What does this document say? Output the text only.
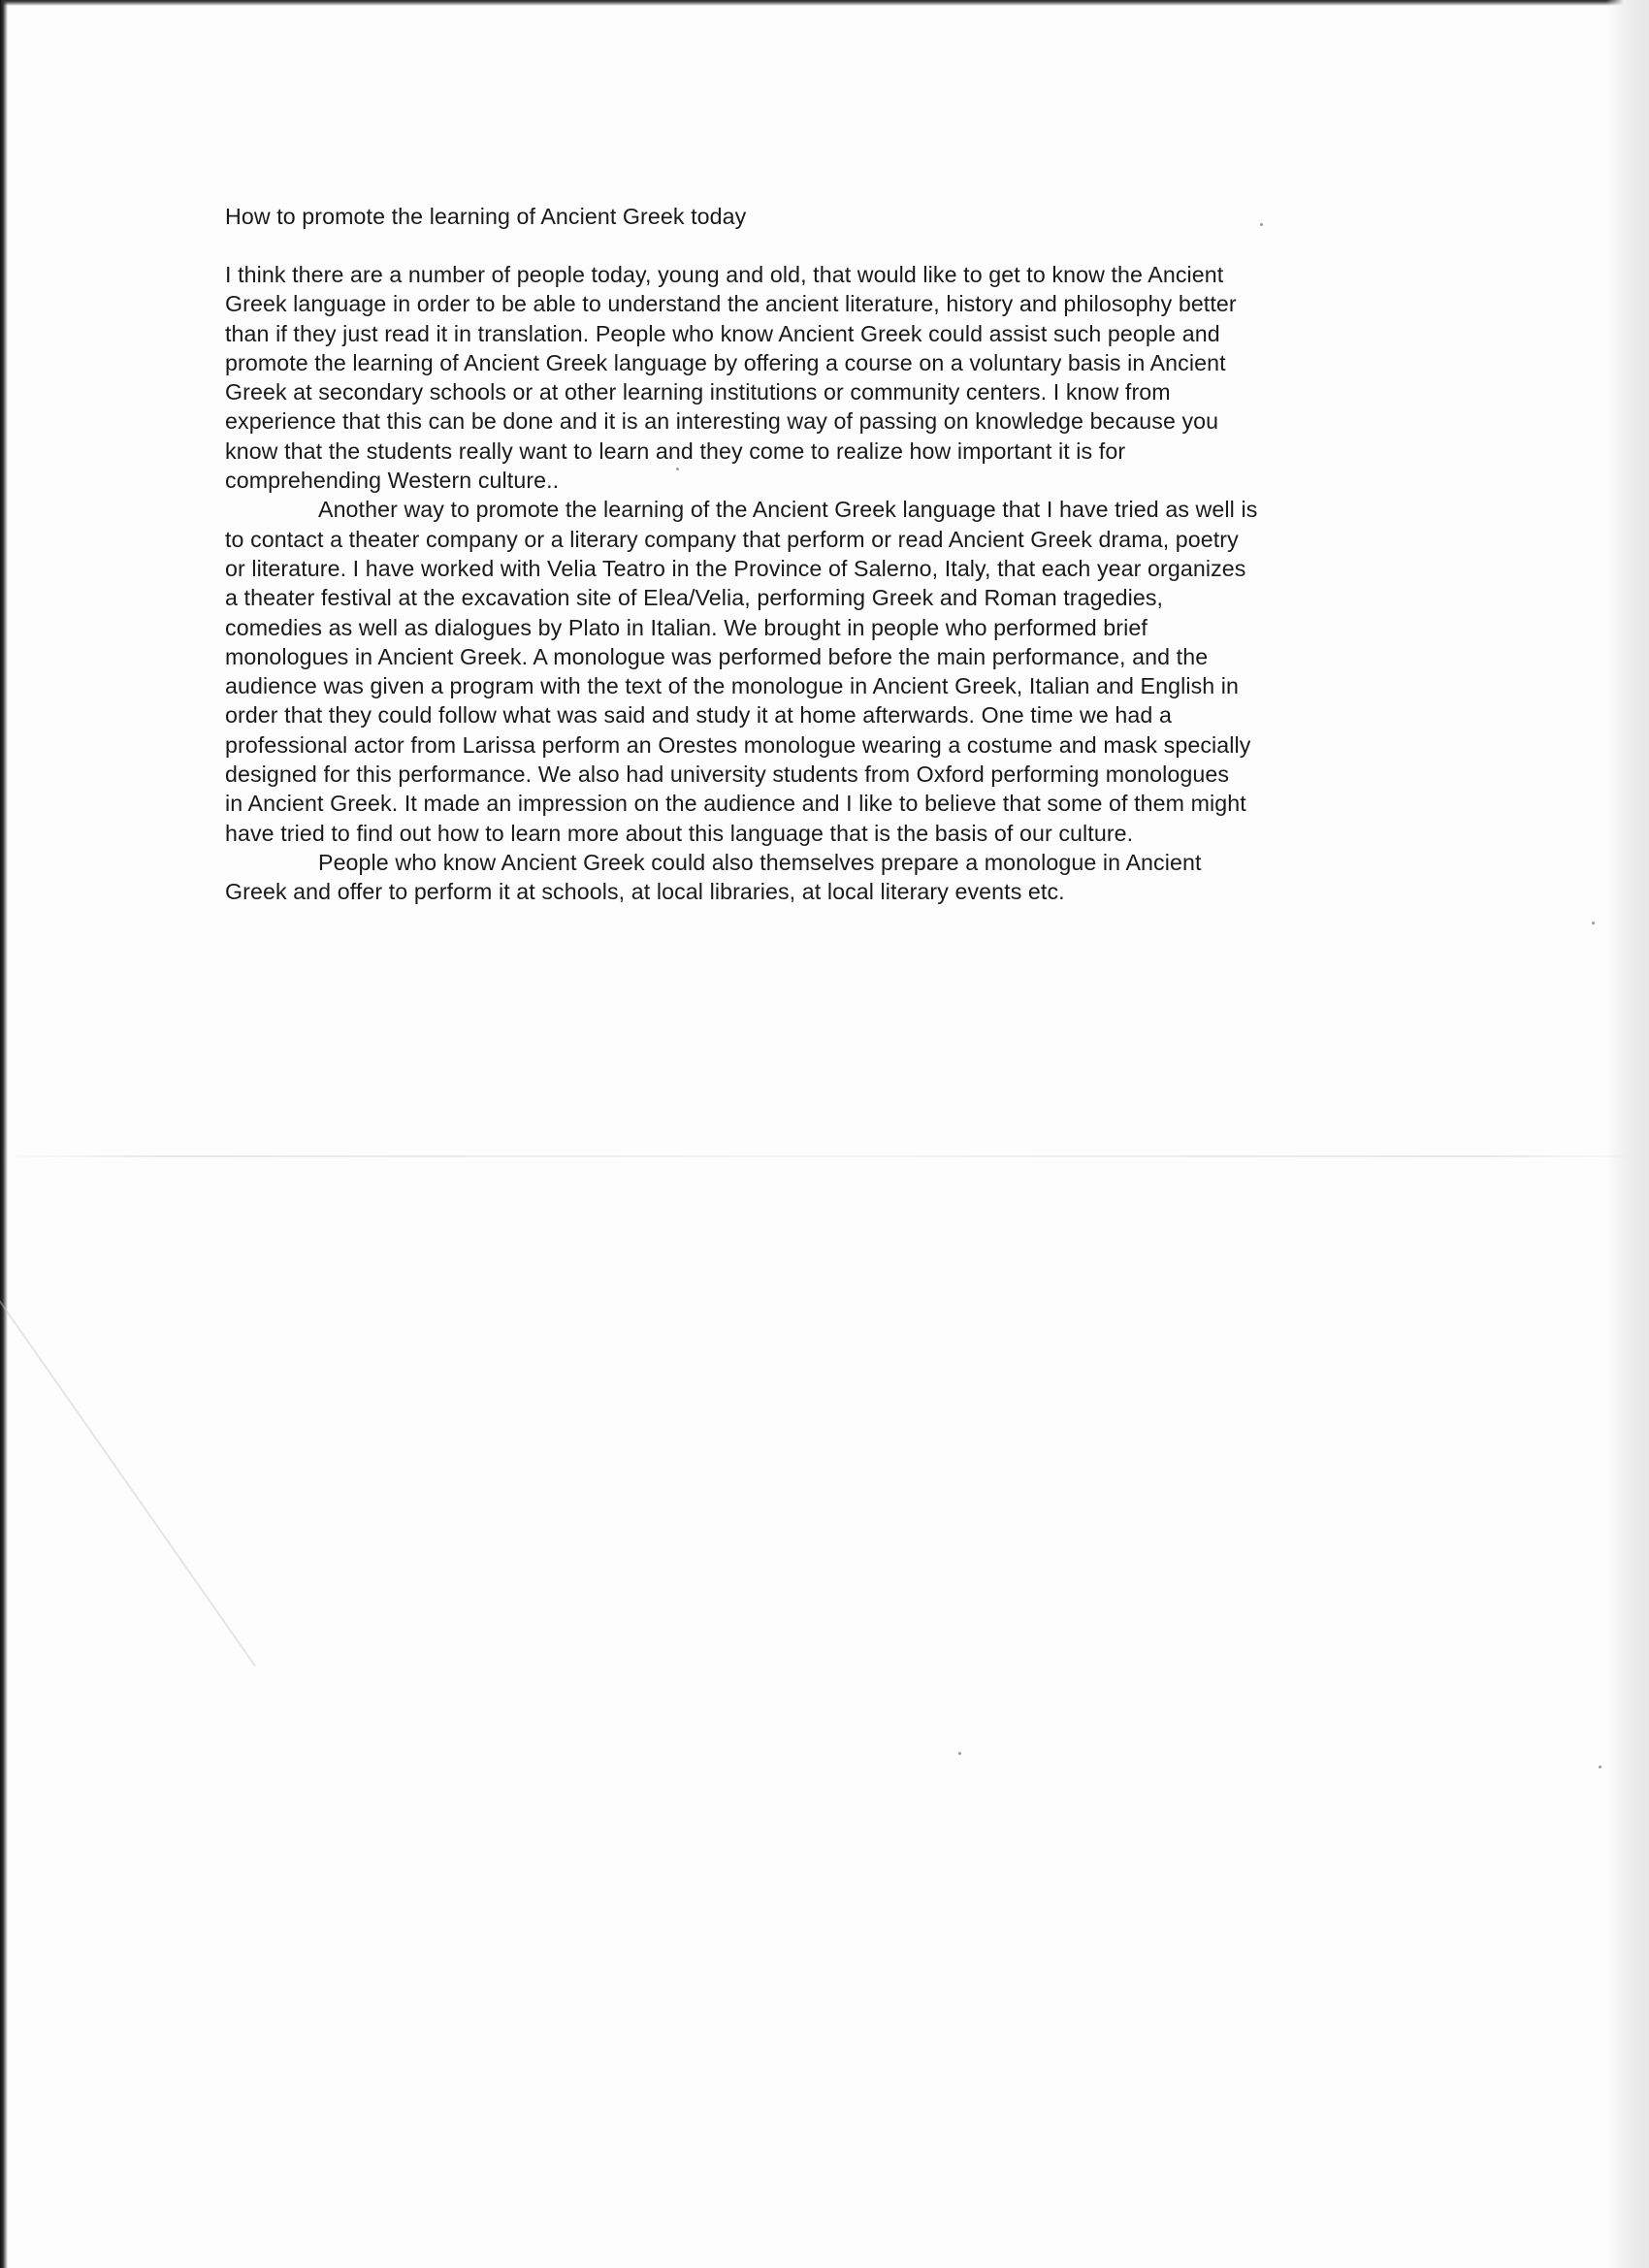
How to promote the learning of Ancient Greek today

I think there are a number of people today, young and old, that would like to get to know the Ancient
Greek language in order to be able to understand the ancient literature, history and philosophy better
than if they just read it in translation. People who know Ancient Greek could assist such people and
promote the learning of Ancient Greek language by offering a course on a voluntary basis in Ancient
Greek at secondary schools or at other learning institutions or community centers. I know from
experience that this can be done and it is an interesting way of passing on knowledge because you
know that the students really want to learn and they come to realize how important it is for
comprehending Western culture..

Another way to promote the learning of the Ancient Greek language that I have tried as well is
to contact a theater company or a literary company that perform or read Ancient Greek drama, poetry
or literature. I have worked with Velia Teatro in the Province of Salerno, Italy, that each year organizes
a theater festival at the excavation site of Elea/Velia, performing Greek and Roman tragedies,
comedies as well as dialogues by Plato in Italian. We brought in people who performed brief
monologues in Ancient Greek. A monologue was performed before the main performance, and the
audience was given a program with the text of the monologue in Ancient Greek, Italian and English in
order that they could follow what was said and study it at home afterwards. One time we had a
professional actor from Larissa perform an Orestes monologue wearing a costume and mask specially
designed for this performance. We also had university students from Oxford performing monologues
in Ancient Greek. It made an impression on the audience and I like to believe that some of them might
have tried to find out how to learn more about this language that is the basis of our culture.

People who know Ancient Greek could also themselves prepare a monologue in Ancient
Greek and offer to perform it at schools, at local libraries, at local literary events etc.
